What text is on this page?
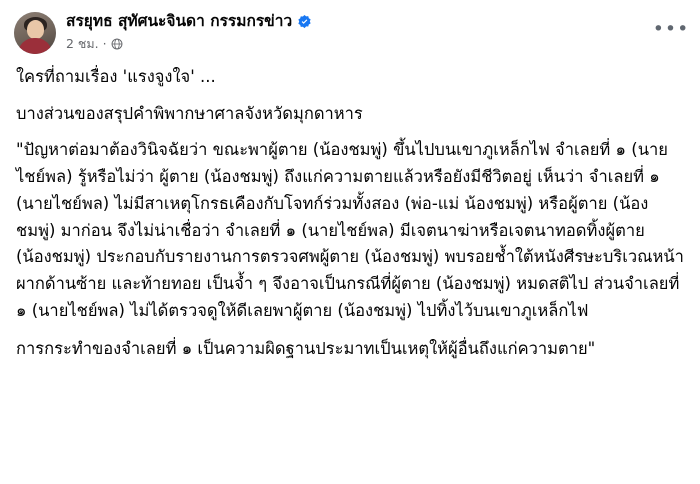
สรยุทธ สุทัศนะจินดา กรรมกรข่าว
2 ชม. ·
•••

ใครที่ถามเรื่อง 'แรงจูงใจ' ...

บางส่วนของสรุปคำพิพากษาศาลจังหวัดมุกดาหาร

"ปัญหาต่อมาต้องวินิจฉัยว่า ขณะพาผู้ตาย (น้องชมพู่) ขึ้นไปบนเขาภูเหล็กไฟ จำเลยที่ ๑ (นายไชย์พล) รู้หรือไม่ว่า ผู้ตาย (น้องชมพู่) ถึงแก่ความตายแล้วหรือยังมีชีวิตอยู่ เห็นว่า จำเลยที่ ๑ (นายไชย์พล) ไม่มีสาเหตุโกรธเคืองกับโจทก์ร่วมทั้งสอง (พ่อ-แม่ น้องชมพู่) หรือผู้ตาย (น้องชมพู่) มาก่อน จึงไม่น่าเชื่อว่า จำเลยที่ ๑ (นายไชย์พล) มีเจตนาฆ่าหรือเจตนาทอดทิ้งผู้ตาย (น้องชมพู่) ประกอบกับรายงานการตรวจศพผู้ตาย (น้องชมพู่) พบรอยช้ำใต้หนังศีรษะบริเวณหน้าผากด้านซ้าย และท้ายทอย เป็นจ้ำ ๆ จึงอาจเป็นกรณีที่ผู้ตาย (น้องชมพู่) หมดสติไป ส่วนจำเลยที่ ๑ (นายไชย์พล) ไม่ได้ตรวจดูให้ดีเลยพาผู้ตาย (น้องชมพู่) ไปทิ้งไว้บนเขาภูเหล็กไฟ

การกระทำของจำเลยที่ ๑ เป็นความผิดฐานประมาทเป็นเหตุให้ผู้อื่นถึงแก่ความตาย"
